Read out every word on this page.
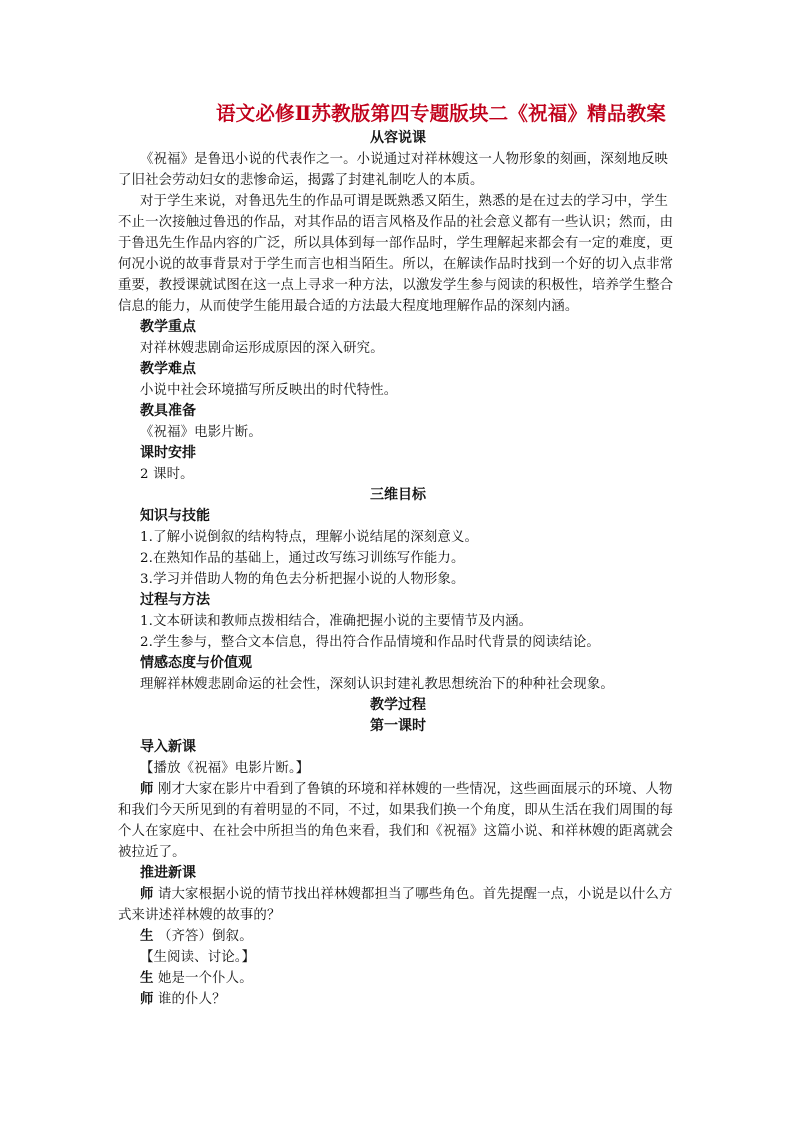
语文必修Ⅱ苏教版第四专题版块二《祝福》精品教案
从容说课

《祝福》是鲁迅小说的代表作之一。小说通过对祥林嫂这一人物形象的刻画，深刻地反映了旧社会劳动妇女的悲惨命运，揭露了封建礼制吃人的本质。

对于学生来说，对鲁迅先生的作品可谓是既熟悉又陌生，熟悉的是在过去的学习中，学生不止一次接触过鲁迅的作品，对其作品的语言风格及作品的社会意义都有一些认识；然而，由于鲁迅先生作品内容的广泛，所以具体到每一部作品时，学生理解起来都会有一定的难度，更何况小说的故事背景对于学生而言也相当陌生。所以，在解读作品时找到一个好的切入点非常重要，教授课就试图在这一点上寻求一种方法，以激发学生参与阅读的积极性，培养学生整合信息的能力，从而使学生能用最合适的方法最大程度地理解作品的深刻内涵。

教学重点

对祥林嫂悲剧命运形成原因的深入研究。

教学难点

小说中社会环境描写所反映出的时代特性。

教具准备

《祝福》电影片断。

课时安排

2 课时。

三维目标
知识与技能

1.了解小说倒叙的结构特点，理解小说结尾的深刻意义。

2.在熟知作品的基础上，通过改写练习训练写作能力。

3.学习并借助人物的角色去分析把握小说的人物形象。

过程与方法

1.文本研读和教师点拨相结合，准确把握小说的主要情节及内涵。

2.学生参与，整合文本信息，得出符合作品情境和作品时代背景的阅读结论。

情感态度与价值观

理解祥林嫂悲剧命运的社会性，深刻认识封建礼教思想统治下的种种社会现象。

教学过程
第一课时
导入新课

【播放《祝福》电影片断。】

师 刚才大家在影片中看到了鲁镇的环境和祥林嫂的一些情况，这些画面展示的环境、人物和我们今天所见到的有着明显的不同，不过，如果我们换一个角度，即从生活在我们周围的每个人在家庭中、在社会中所担当的角色来看，我们和《祝福》这篇小说、和祥林嫂的距离就会被拉近了。

推进新课

师 请大家根据小说的情节找出祥林嫂都担当了哪些角色。首先提醒一点，小说是以什么方式来讲述祥林嫂的故事的？

生 （齐答）倒叙。

【生阅读、讨论。】

生 她是一个仆人。

师 谁的仆人？
